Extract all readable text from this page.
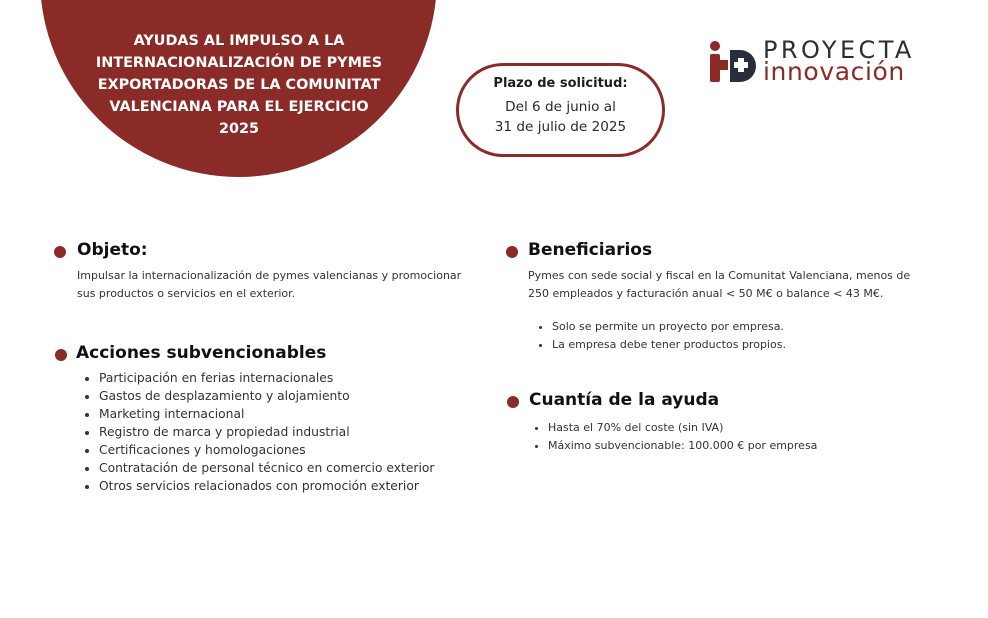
AYUDAS AL IMPULSO A LA
INTERNACIONALIZACIÓN DE PYMES
EXPORTADORAS DE LA COMUNITAT
VALENCIANA PARA EL EJERCICIO
2025
Plazo de solicitud:
Del 6 de junio al
31 de julio de 2025
PROYECTA
innovación
Objeto:
Impulsar la internacionalización de pymes valencianas y promocionar
sus productos o servicios en el exterior.
Acciones subvencionables
• Participación en ferias internacionales
• Gastos de desplazamiento y alojamiento
• Marketing internacional
• Registro de marca y propiedad industrial
• Certificaciones y homologaciones
• Contratación de personal técnico en comercio exterior
• Otros servicios relacionados con promoción exterior
Beneficiarios
Pymes con sede social y fiscal en la Comunitat Valenciana, menos de
250 empleados y facturación anual < 50 M€ o balance < 43 M€.
• Solo se permite un proyecto por empresa.
• La empresa debe tener productos propios.
Cuantía de la ayuda
• Hasta el 70% del coste (sin IVA)
• Máximo subvencionable: 100.000 € por empresa
